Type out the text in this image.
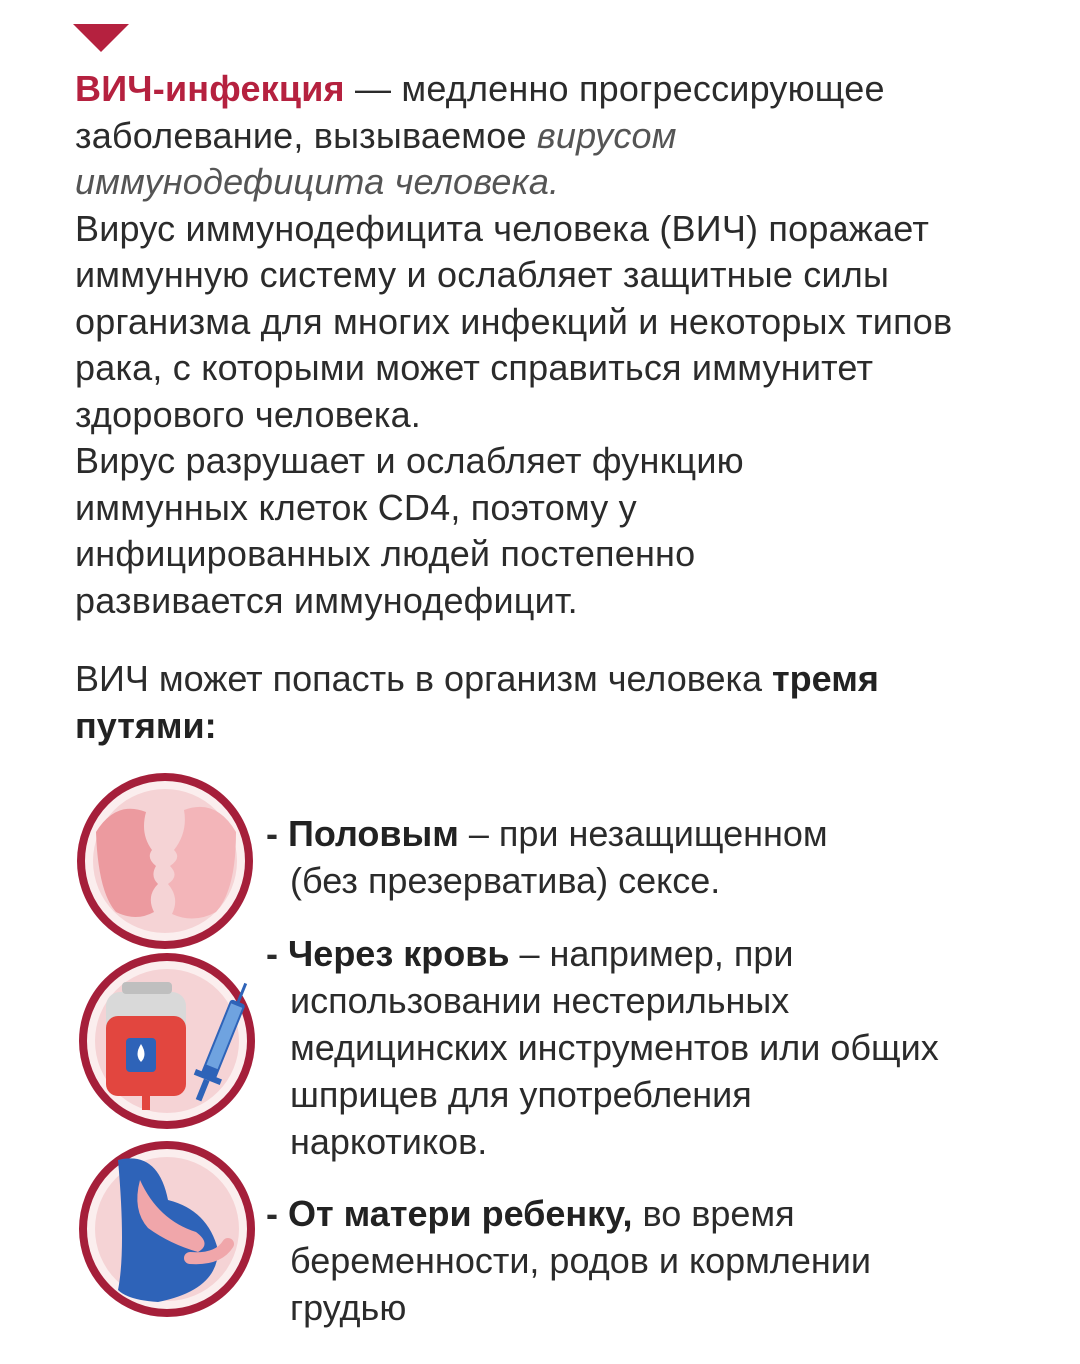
ВИЧ-инфекция — медленно прогрессирующее заболевание, вызываемое вирусом иммунодефицита человека.
Вирус иммунодефицита человека (ВИЧ) поражает иммунную систему и ослабляет защитные силы организма для многих инфекций и некоторых типов рака, с которыми может справиться иммунитет здорового человека.
Вирус разрушает и ослабляет функцию иммунных клеток CD4, поэтому у инфицированных людей постепенно развивается иммунодефицит.
ВИЧ может попасть в организм человека тремя путями:
- Половым – при незащищенном
(без презерватива) сексе.
- Через кровь – например, при
использовании нестерильных медицинских инструментов или общих шприцев для употребления наркотиков.
- От матери ребенку, во время
беременности, родов и кормлении грудью
